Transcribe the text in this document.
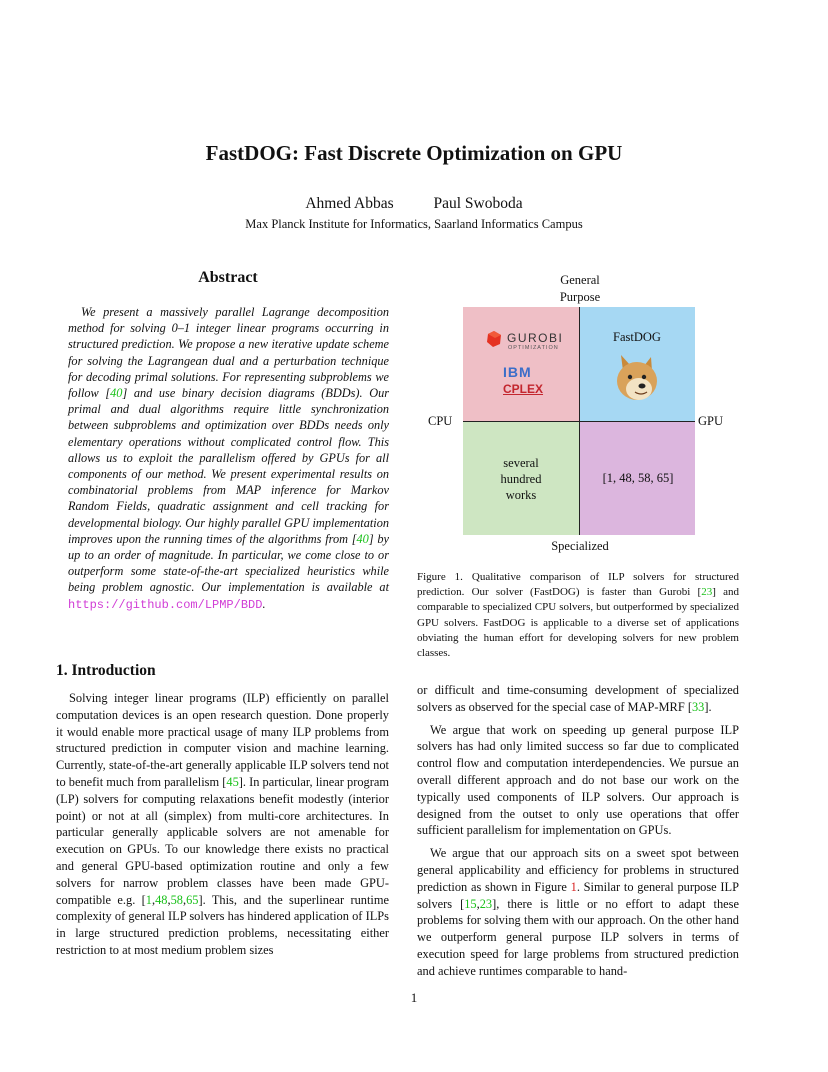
FastDOG: Fast Discrete Optimization on GPU
Ahmed Abbas	Paul Swoboda
Max Planck Institute for Informatics, Saarland Informatics Campus
Abstract

We present a massively parallel Lagrange decomposition method for solving 0–1 integer linear programs occurring in structured prediction. We propose a new iterative update scheme for solving the Lagrangean dual and a perturbation technique for decoding primal solutions. For representing subproblems we follow [40] and use binary decision diagrams (BDDs). Our primal and dual algorithms require little synchronization between subproblems and optimization over BDDs needs only elementary operations without complicated control flow. This allows us to exploit the parallelism offered by GPUs for all components of our method. We present experimental results on combinatorial problems from MAP inference for Markov Random Fields, quadratic assignment and cell tracking for developmental biology. Our highly parallel GPU implementation improves upon the running times of the algorithms from [40] by up to an order of magnitude. In particular, we come close to or outperform some state-of-the-art specialized heuristics while being problem agnostic. Our implementation is available at https://github.com/LPMP/BDD.

General Purpose
GUROBI
OPTIMIZATION
IBM
CPLEX
FastDOG
several hundred works
[1, 48, 58, 65]
CPU	GPU
Specialized
Figure 1. Qualitative comparison of ILP solvers for structured prediction. Our solver (FastDOG) is faster than Gurobi [23] and comparable to specialized CPU solvers, but outperformed by specialized GPU solvers. FastDOG is applicable to a diverse set of applications obviating the human effort for developing solvers for new problem classes.
1. Introduction

Solving integer linear programs (ILP) efficiently on parallel computation devices is an open research question. Done properly it would enable more practical usage of many ILP problems from structured prediction in computer vision and machine learning. Currently, state-of-the-art generally applicable ILP solvers tend not to benefit much from parallelism [45]. In particular, linear program (LP) solvers for computing relaxations benefit modestly (interior point) or not at all (simplex) from multi-core architectures. In particular generally applicable solvers are not amenable for execution on GPUs. To our knowledge there exists no practical and general GPU-based optimization routine and only a few solvers for narrow problem classes have been made GPU-compatible e.g. [1,48,58,65]. This, and the superlinear runtime complexity of general ILP solvers has hindered application of ILPs in large structured prediction problems, necessitating either restriction to at most medium problem sizes

or difficult and time-consuming development of specialized solvers as observed for the special case of MAP-MRF [33].

We argue that work on speeding up general purpose ILP solvers has had only limited success so far due to complicated control flow and computation interdependencies. We pursue an overall different approach and do not base our work on the typically used components of ILP solvers. Our approach is designed from the outset to only use operations that offer sufficient parallelism for implementation on GPUs.

We argue that our approach sits on a sweet spot between general applicability and efficiency for problems in structured prediction as shown in Figure 1. Similar to general purpose ILP solvers [15,23], there is little or no effort to adapt these problems for solving them with our approach. On the other hand we outperform general purpose ILP solvers in terms of execution speed for large problems from structured prediction and achieve runtimes comparable to hand-

1
